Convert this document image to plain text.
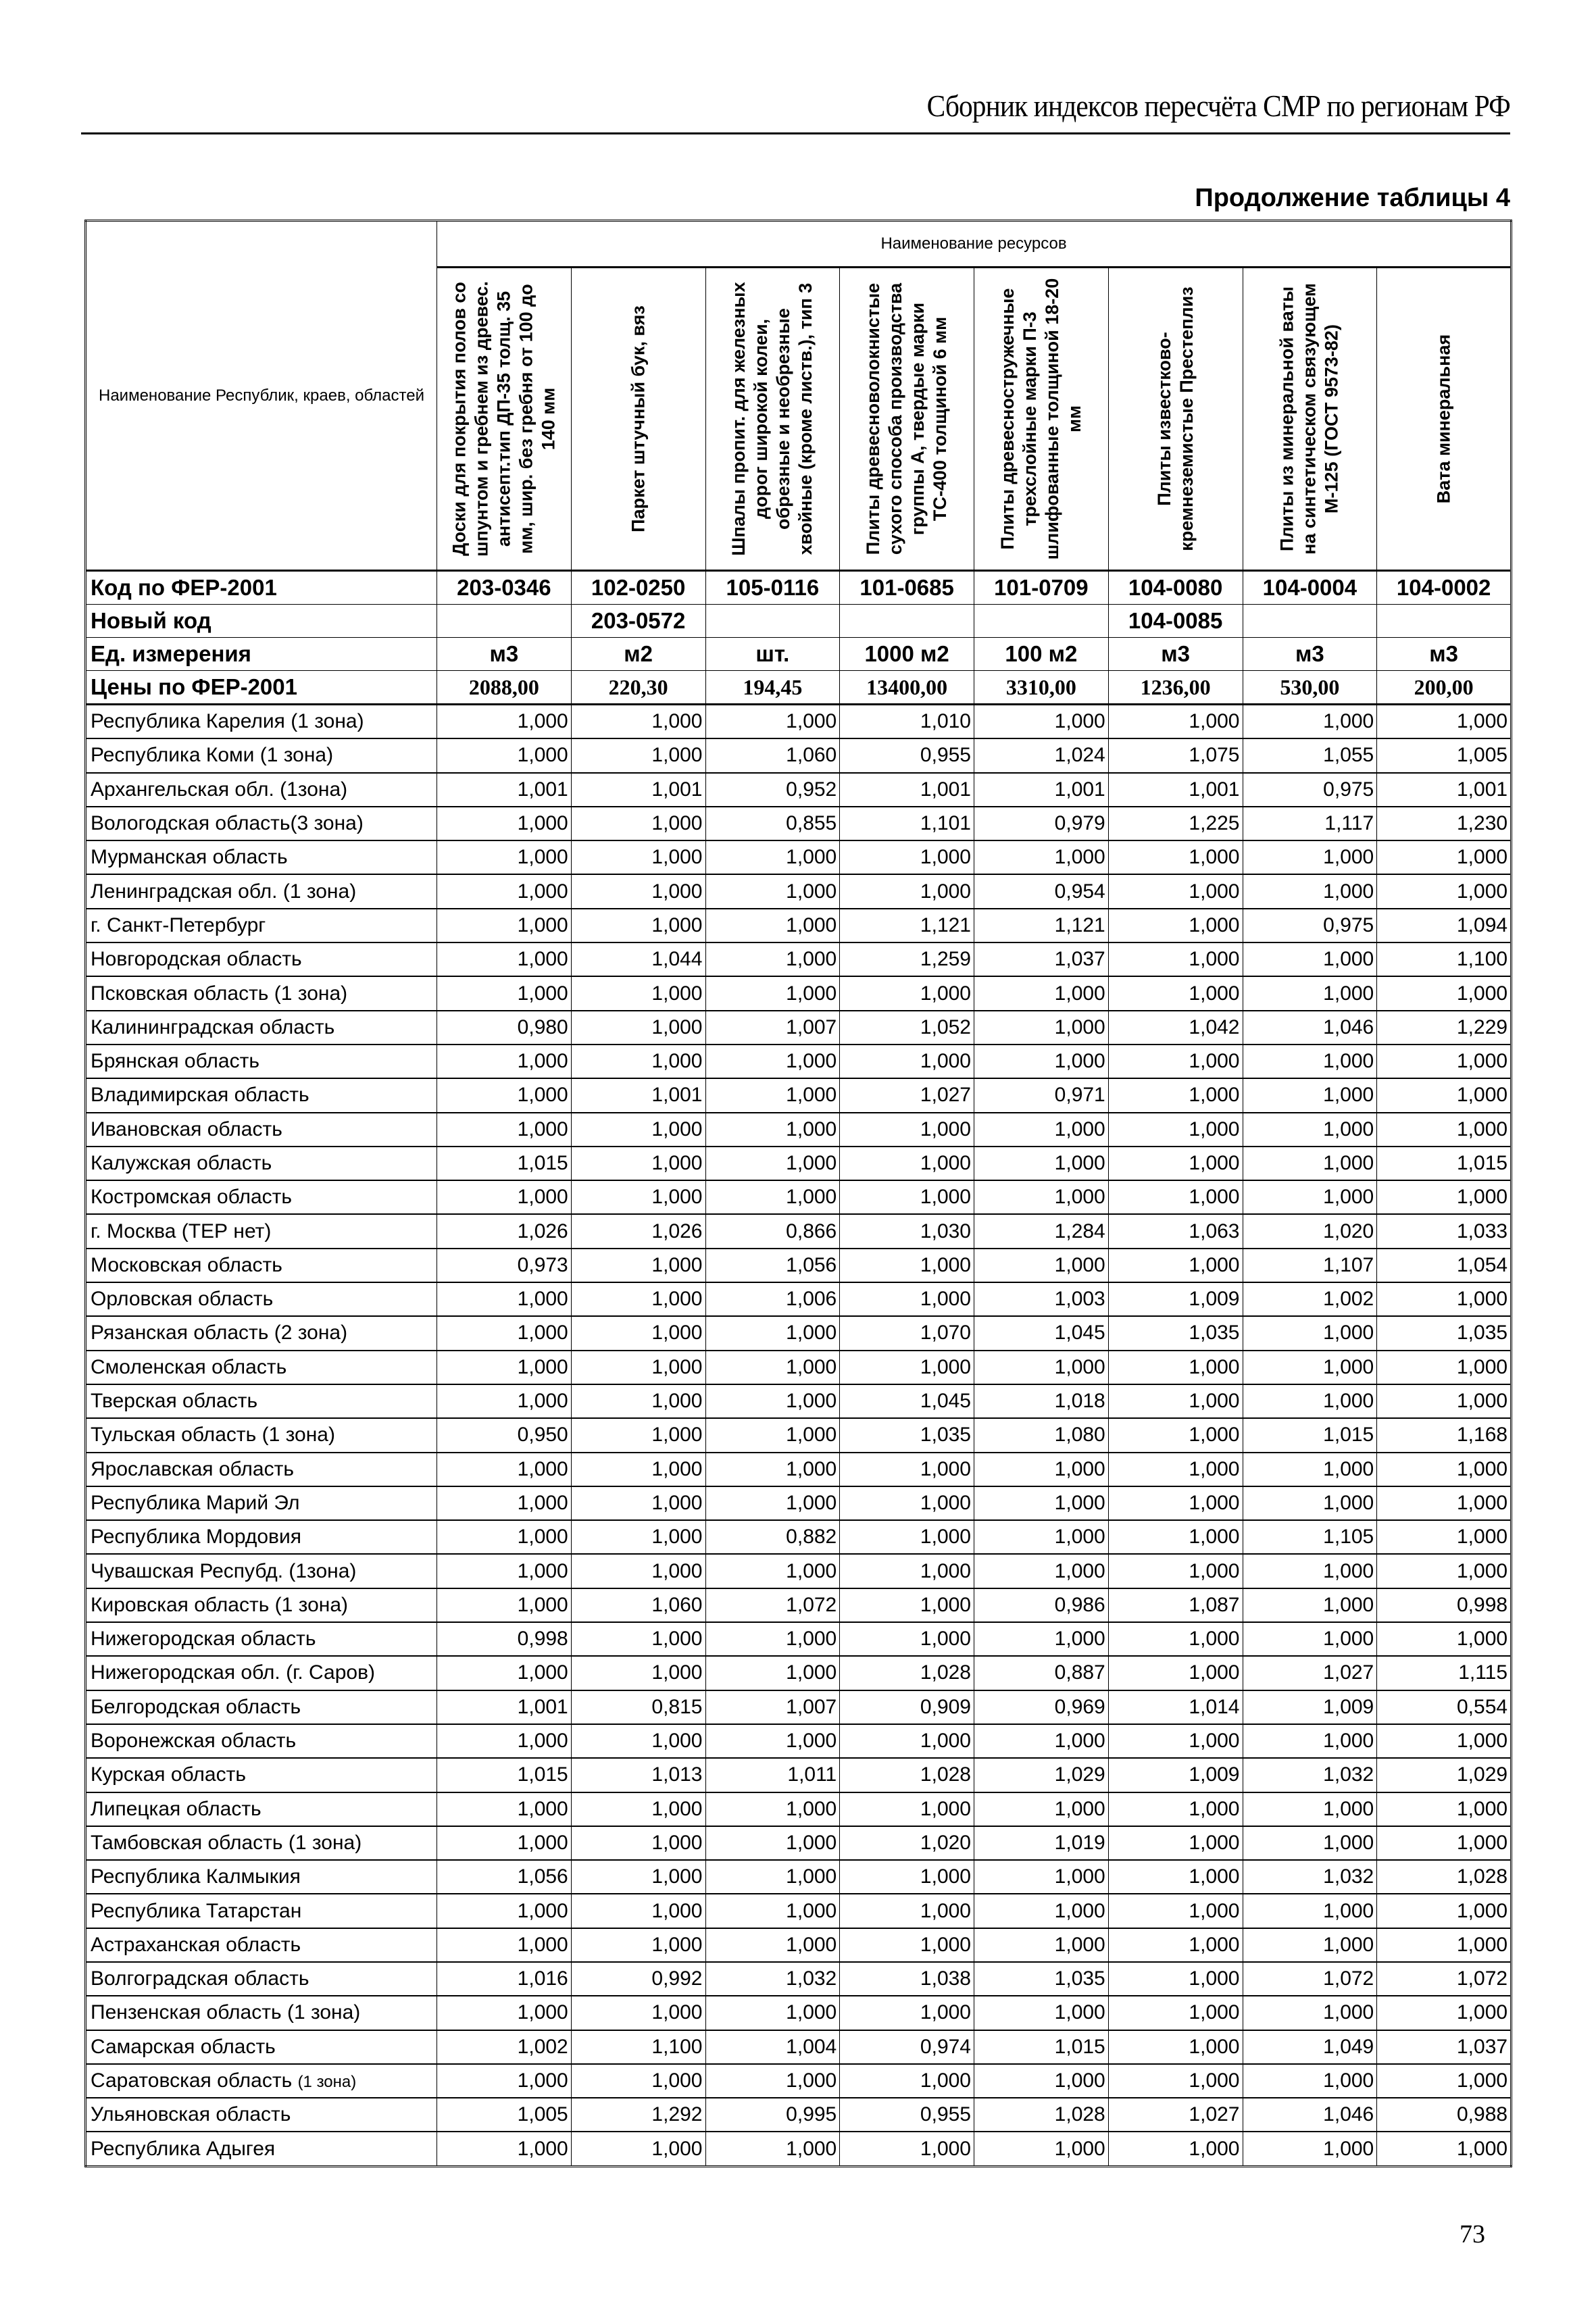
Сборник индексов пересчёта СМР по регионам РФ
Продолжение таблицы 4
Наименование Республик, краев, областей	Наименование ресурсов							

	Доски для покрытия полов со шпунтом и гребнем из древес. антисепт.тип ДП-35 толщ. 35 мм, шир. без гребня от 100 до 140 мм	Паркет штучный бук, вяз	Шпалы пропит. для железных дорог широкой колеи, обрезные и необрезные хвойные (кроме листв.), тип 3	Плиты древесноволокнистые сухого способа производства группы А, твердые марки ТС-400 толщиной 6 мм	Плиты древесностружечные трехслойные марки П-3 шлифованные толщиной 18-20 мм	Плиты известково-кремнеземистые Престеплиз	Плиты из минеральной ваты на синтетическом связующем М-125 (ГОСТ 9573-82)	Вата минеральная

Код по ФЕР-2001	203-0346	102-0250	105-0116	101-0685	101-0709	104-0080	104-0004	104-0002
Новый код		203-0572				104-0085		
Ед. измерения	м3	м2	шт.	1000 м2	100 м2	м3	м3	м3
Цены по ФЕР-2001	2088,00	220,30	194,45	13400,00	3310,00	1236,00	530,00	200,00
Республика Карелия (1 зона)	1,000	1,000	1,000	1,010	1,000	1,000	1,000	1,000
Республика Коми (1 зона)	1,000	1,000	1,060	0,955	1,024	1,075	1,055	1,005
Архангельская обл. (1зона)	1,001	1,001	0,952	1,001	1,001	1,001	0,975	1,001
Вологодская область(3 зона)	1,000	1,000	0,855	1,101	0,979	1,225	1,117	1,230
Мурманская область	1,000	1,000	1,000	1,000	1,000	1,000	1,000	1,000
Ленинградская обл. (1 зона)	1,000	1,000	1,000	1,000	0,954	1,000	1,000	1,000
г. Санкт-Петербург	1,000	1,000	1,000	1,121	1,121	1,000	0,975	1,094
Новгородская область	1,000	1,044	1,000	1,259	1,037	1,000	1,000	1,100
Псковская область (1 зона)	1,000	1,000	1,000	1,000	1,000	1,000	1,000	1,000
Калининградская область	0,980	1,000	1,007	1,052	1,000	1,042	1,046	1,229
Брянская область	1,000	1,000	1,000	1,000	1,000	1,000	1,000	1,000
Владимирская область	1,000	1,001	1,000	1,027	0,971	1,000	1,000	1,000
Ивановская область	1,000	1,000	1,000	1,000	1,000	1,000	1,000	1,000
Калужская область	1,015	1,000	1,000	1,000	1,000	1,000	1,000	1,015
Костромская область	1,000	1,000	1,000	1,000	1,000	1,000	1,000	1,000
г. Москва (ТЕР нет)	1,026	1,026	0,866	1,030	1,284	1,063	1,020	1,033
Московская область	0,973	1,000	1,056	1,000	1,000	1,000	1,107	1,054
Орловская область	1,000	1,000	1,006	1,000	1,003	1,009	1,002	1,000
Рязанская область (2 зона)	1,000	1,000	1,000	1,070	1,045	1,035	1,000	1,035
Смоленская область	1,000	1,000	1,000	1,000	1,000	1,000	1,000	1,000
Тверская область	1,000	1,000	1,000	1,045	1,018	1,000	1,000	1,000
Тульская область (1 зона)	0,950	1,000	1,000	1,035	1,080	1,000	1,015	1,168
Ярославская область	1,000	1,000	1,000	1,000	1,000	1,000	1,000	1,000
Республика Марий Эл	1,000	1,000	1,000	1,000	1,000	1,000	1,000	1,000
Республика Мордовия	1,000	1,000	0,882	1,000	1,000	1,000	1,105	1,000
Чувашская Респубд. (1зона)	1,000	1,000	1,000	1,000	1,000	1,000	1,000	1,000
Кировская область (1 зона)	1,000	1,060	1,072	1,000	0,986	1,087	1,000	0,998
Нижегородская область	0,998	1,000	1,000	1,000	1,000	1,000	1,000	1,000
Нижегородская обл. (г. Саров)	1,000	1,000	1,000	1,028	0,887	1,000	1,027	1,115
Белгородская область	1,001	0,815	1,007	0,909	0,969	1,014	1,009	0,554
Воронежская область	1,000	1,000	1,000	1,000	1,000	1,000	1,000	1,000
Курская область	1,015	1,013	1,011	1,028	1,029	1,009	1,032	1,029
Липецкая область	1,000	1,000	1,000	1,000	1,000	1,000	1,000	1,000
Тамбовская область (1 зона)	1,000	1,000	1,000	1,020	1,019	1,000	1,000	1,000
Республика Калмыкия	1,056	1,000	1,000	1,000	1,000	1,000	1,032	1,028
Республика Татарстан	1,000	1,000	1,000	1,000	1,000	1,000	1,000	1,000
Астраханская область	1,000	1,000	1,000	1,000	1,000	1,000	1,000	1,000
Волгоградская область	1,016	0,992	1,032	1,038	1,035	1,000	1,072	1,072
Пензенская область (1 зона)	1,000	1,000	1,000	1,000	1,000	1,000	1,000	1,000
Самарская область	1,002	1,100	1,004	0,974	1,015	1,000	1,049	1,037
Саратовская область (1 зона)	1,000	1,000	1,000	1,000	1,000	1,000	1,000	1,000
Ульяновская область	1,005	1,292	0,995	0,955	1,028	1,027	1,046	0,988
Республика Адыгея	1,000	1,000	1,000	1,000	1,000	1,000	1,000	1,000
73
